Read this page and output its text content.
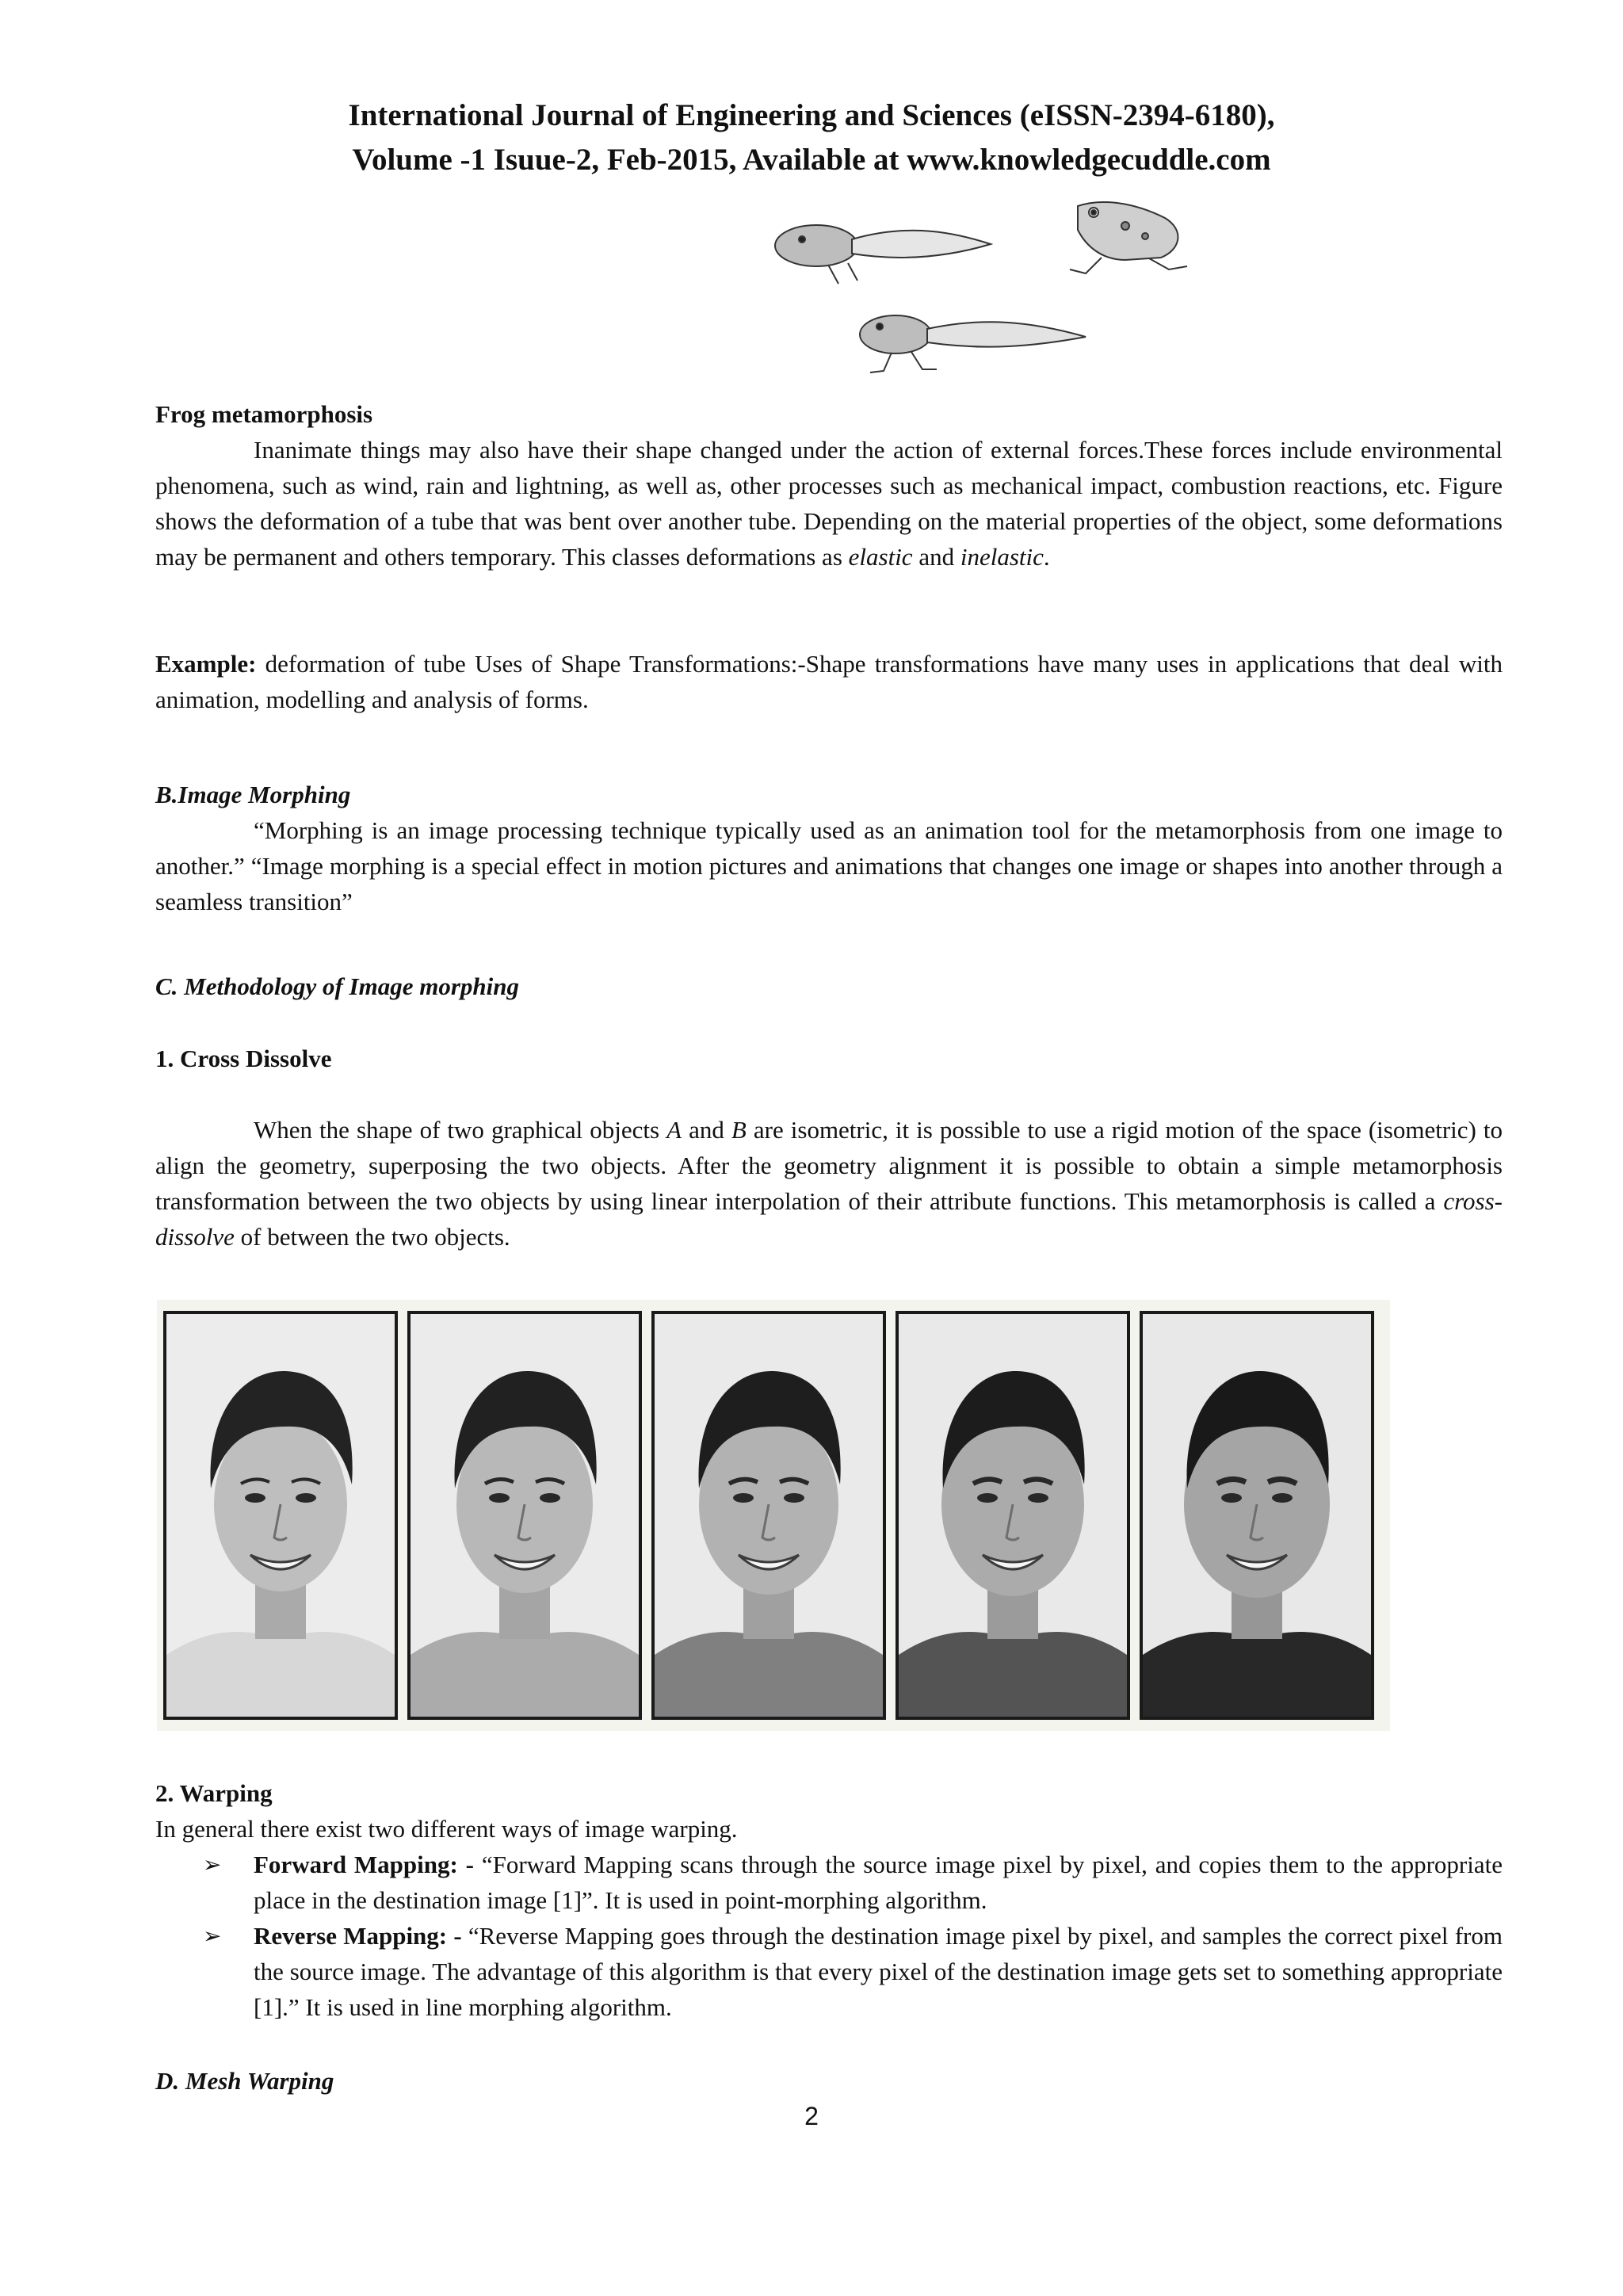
International Journal of Engineering and Sciences (eISSN-2394-6180),
Volume -1 Isuue-2, Feb-2015, Available at www.knowledgecuddle.com

Frog metamorphosis

Inanimate things may also have their shape changed under the action of external forces.These forces include environmental phenomena, such as wind, rain and lightning, as well as, other processes such as mechanical impact, combustion reactions, etc. Figure shows the deformation of a tube that was bent over another tube. Depending on the material properties of the object, some deformations may be permanent and others temporary. This classes deformations as elastic and inelastic.

Example: deformation of tube Uses of Shape Transformations:-Shape transformations have many uses in applications that deal with animation, modelling and analysis of forms.

B.Image Morphing

“Morphing is an image processing technique typically used as an animation tool for the metamorphosis from one image to another.” “Image morphing is a special effect in motion pictures and animations that changes one image or shapes into another through a seamless transition”

C. Methodology of Image morphing

1. Cross Dissolve

When the shape of two graphical objects A and B are isometric, it is possible to use a rigid motion of the space (isometric) to align the geometry, superposing the two objects. After the geometry alignment it is possible to obtain a simple metamorphosis transformation between the two objects by using linear interpolation of their attribute functions. This metamorphosis is called a cross-dissolve of between the two objects.

2. Warping

In general there exist two different ways of image warping.

➢ Forward Mapping: - “Forward Mapping scans through the source image pixel by pixel, and copies them to the appropriate place in the destination image [1]”. It is used in point-morphing algorithm.
➢ Reverse Mapping: - “Reverse Mapping goes through the destination image pixel by pixel, and samples the correct pixel from the source image. The advantage of this algorithm is that every pixel of the destination image gets set to something appropriate [1].” It is used in line morphing algorithm.

D. Mesh Warping

2
